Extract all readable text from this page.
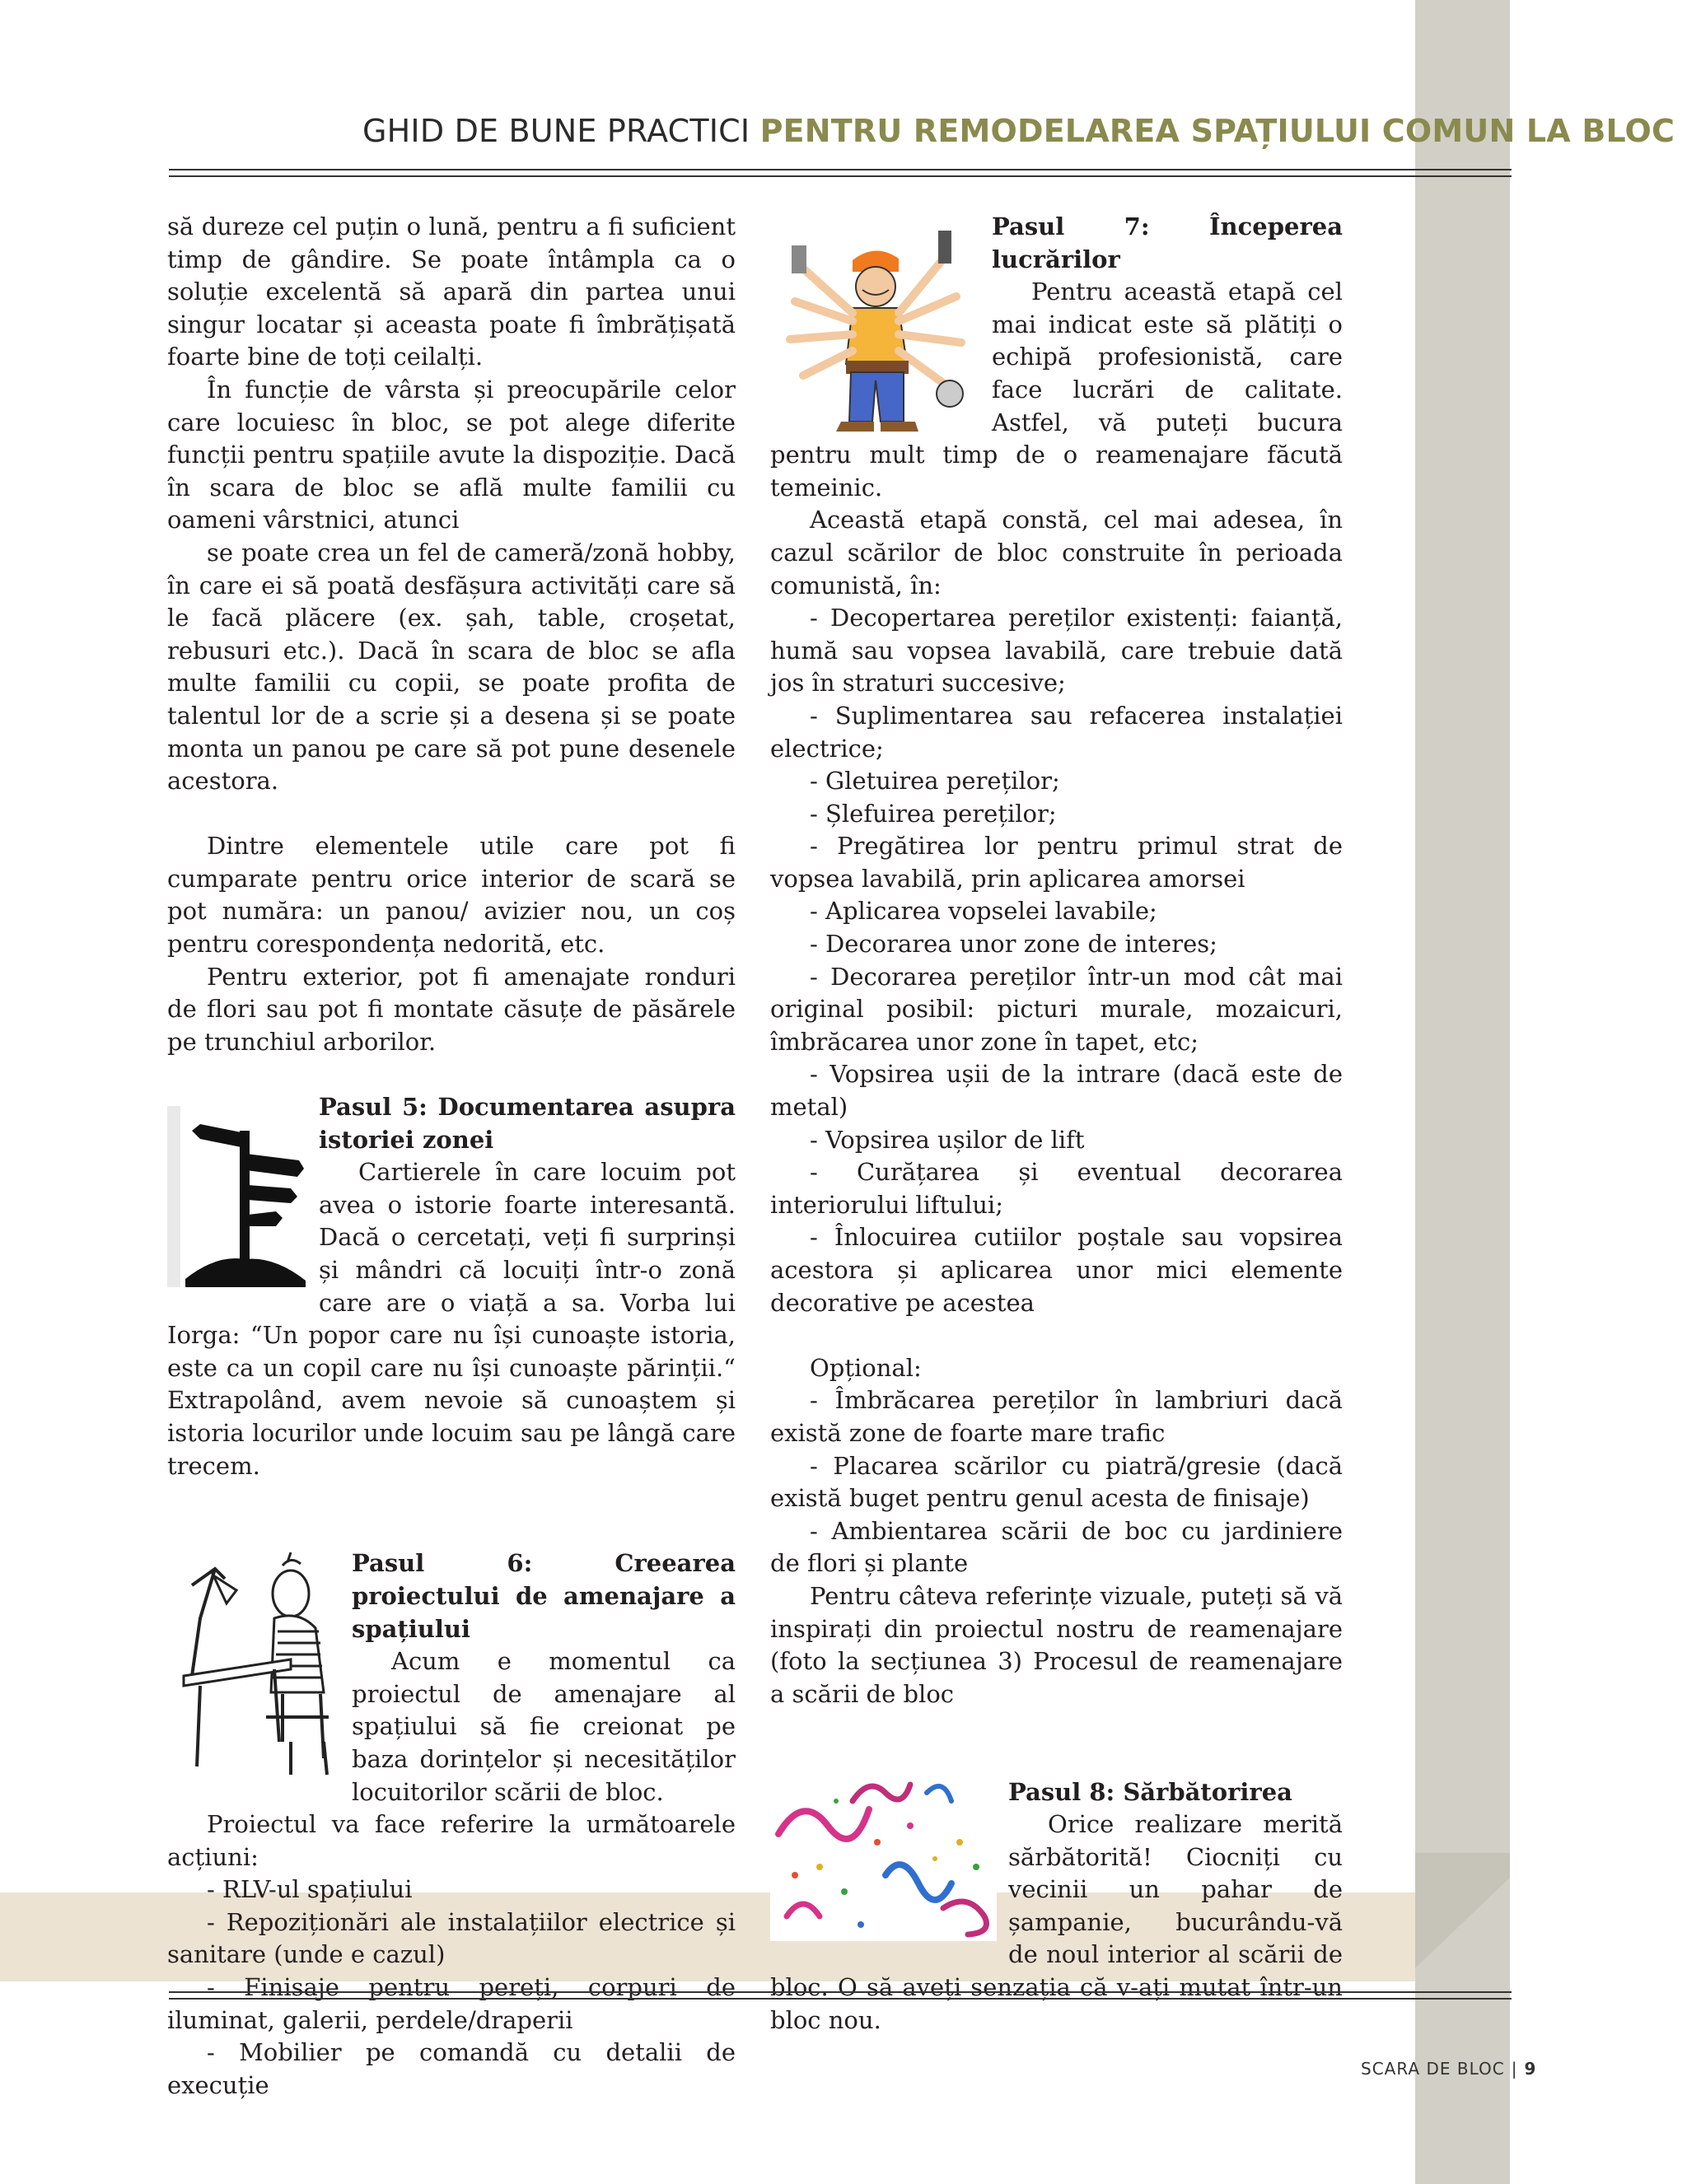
GHID DE BUNE PRACTICI PENTRU REMODELAREA SPAȚIULUI COMUN LA BLOC

să dureze cel puțin o lună, pentru a fi suficient timp de gândire. Se poate întâmpla ca o soluție excelentă să apară din partea unui singur locatar și aceasta poate fi îmbrățișată foarte bine de toți ceilalți.

În funcție de vârsta și preocupările celor care locuiesc în bloc, se pot alege diferite funcții pentru spațiile avute la dispoziție. Dacă în scara de bloc se află multe familii cu oameni vârstnici, atunci

se poate crea un fel de cameră/zonă hobby, în care ei să poată desfășura activități care să le facă plăcere (ex. șah, table, croșetat, rebusuri etc.). Dacă în scara de bloc se afla multe familii cu copii, se poate profita de talentul lor de a scrie și a desena și se poate monta un panou pe care să pot pune desenele acestora.

Dintre elementele utile care pot fi cumparate pentru orice interior de scară se pot număra: un panou/ avizier nou, un coș pentru corespondența nedorită, etc.

Pentru exterior, pot fi amenajate ronduri de flori sau pot fi montate căsuțe de păsărele pe trunchiul arborilor.

Pasul 5: Documentarea asupra istoriei zonei

Cartierele în care locuim pot avea o istorie foarte interesantă. Dacă o cercetați, veți fi surprinși și mândri că locuiți într-o zonă care are o viață a sa. Vorba lui Iorga: “Un popor care nu își cunoaște istoria, este ca un copil care nu își cunoaște părinții.“ Extrapolând, avem nevoie să cunoaștem și istoria locurilor unde locuim sau pe lângă care trecem.

Pasul 6: Creearea proiectului de amenajare a spațiului

Acum e momentul ca proiectul de amenajare al spațiului să fie creionat pe baza dorințelor și necesităților locuitorilor scării de bloc.

Proiectul va face referire la următoarele acțiuni:

- RLV-ul spațiului

- Repoziționări ale instalațiilor electrice și sanitare (unde e cazul)

- Finisaje pentru pereți, corpuri de iluminat, galerii, perdele/draperii

- Mobilier pe comandă cu detalii de execuție

Pasul 7: Începerea lucrărilor

Pentru această etapă cel mai indicat este să plătiți o echipă profesionistă, care face lucrări de calitate. Astfel, vă puteți bucura pentru mult timp de o reamenajare făcută temeinic.

Această etapă constă, cel mai adesea, în cazul scărilor de bloc construite în perioada comunistă, în:

- Decopertarea pereților existenți: faianță, humă sau vopsea lavabilă, care trebuie dată jos în straturi succesive;

- Suplimentarea sau refacerea instalației electrice;

- Gletuirea pereților;

- Șlefuirea pereților;

- Pregătirea lor pentru primul strat de vopsea lavabilă, prin aplicarea amorsei

- Aplicarea vopselei lavabile;

- Decorarea unor zone de interes;

- Decorarea pereților într-un mod cât mai original posibil: picturi murale, mozaicuri, îmbrăcarea unor zone în tapet, etc;

- Vopsirea ușii de la intrare (dacă este de metal)

- Vopsirea ușilor de lift

- Curățarea și eventual decorarea interiorului liftului;

- Înlocuirea cutiilor poștale sau vopsirea acestora și aplicarea unor mici elemente decorative pe acestea

Opțional:

- Îmbrăcarea pereților în lambriuri dacă există zone de foarte mare trafic

- Placarea scărilor cu piatră/gresie (dacă există buget pentru genul acesta de finisaje)

- Ambientarea scării de boc cu jardiniere de flori și plante

Pentru câteva referințe vizuale, puteți să vă inspirați din proiectul nostru de reamenajare (foto la secțiunea 3) Procesul de reamenajare a scării de bloc

Pasul 8: Sărbătorirea

Orice realizare merită sărbătorită! Ciocniți cu vecinii un pahar de șampanie, bucurându-vă de noul interior al scării de bloc. O să aveți senzația că v-ați mutat într-un bloc nou.

SCARA DE BLOC | 9
